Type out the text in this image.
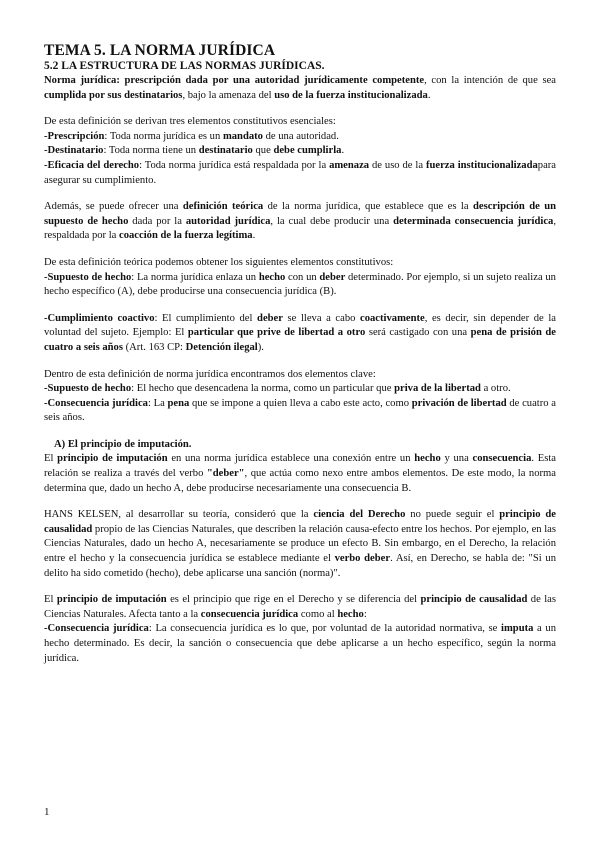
TEMA 5. LA NORMA JURÍDICA
5.2 LA ESTRUCTURA DE LAS NORMAS JURÍDICAS.

Norma jurídica: prescripción dada por una autoridad jurídicamente competente, con la intención de que sea cumplida por sus destinatarios, bajo la amenaza del uso de la fuerza institucionalizada.

De esta definición se derivan tres elementos constitutivos esenciales:

-Prescripción: Toda norma jurídica es un mandato de una autoridad.

-Destinatario: Toda norma tiene un destinatario que debe cumplirla.

-Eficacia del derecho: Toda norma jurídica está respaldada por la amenaza de uso de la fuerza institucionalizadapara asegurar su cumplimiento.

Además, se puede ofrecer una definición teórica de la norma jurídica, que establece que es la descripción de un supuesto de hecho dada por la autoridad jurídica, la cual debe producir una determinada consecuencia jurídica, respaldada por la coacción de la fuerza legítima.

De esta definición teórica podemos obtener los siguientes elementos constitutivos:

-Supuesto de hecho: La norma jurídica enlaza un hecho con un deber determinado. Por ejemplo, si un sujeto realiza un hecho específico (A), debe producirse una consecuencia jurídica (B).

-Cumplimiento coactivo: El cumplimiento del deber se lleva a cabo coactivamente, es decir, sin depender de la voluntad del sujeto. Ejemplo: El particular que prive de libertad a otro será castigado con una pena de prisión de cuatro a seis años (Art. 163 CP: Detención ilegal).

Dentro de esta definición de norma jurídica encontramos dos elementos clave:

-Supuesto de hecho: El hecho que desencadena la norma, como un particular que priva de la libertad a otro.

-Consecuencia jurídica: La pena que se impone a quien lleva a cabo este acto, como privación de libertad de cuatro a seis años.

A) El principio de imputación.

El principio de imputación en una norma jurídica establece una conexión entre un hecho y una consecuencia. Esta relación se realiza a través del verbo "deber", que actúa como nexo entre ambos elementos. De este modo, la norma determina que, dado un hecho A, debe producirse necesariamente una consecuencia B.

HANS KELSEN, al desarrollar su teoría, consideró que la ciencia del Derecho no puede seguir el principio de causalidad propio de las Ciencias Naturales, que describen la relación causa-efecto entre los hechos. Por ejemplo, en las Ciencias Naturales, dado un hecho A, necesariamente se produce un efecto B. Sin embargo, en el Derecho, la relación entre el hecho y la consecuencia jurídica se establece mediante el verbo deber. Así, en Derecho, se habla de: "Si un delito ha sido cometido (hecho), debe aplicarse una sanción (norma)".

El principio de imputación es el principio que rige en el Derecho y se diferencia del principio de causalidad de las Ciencias Naturales. Afecta tanto a la consecuencia jurídica como al hecho:

-Consecuencia jurídica: La consecuencia jurídica es lo que, por voluntad de la autoridad normativa, se imputa a un hecho determinado. Es decir, la sanción o consecuencia que debe aplicarse a un hecho específico, según la norma jurídica.

1
